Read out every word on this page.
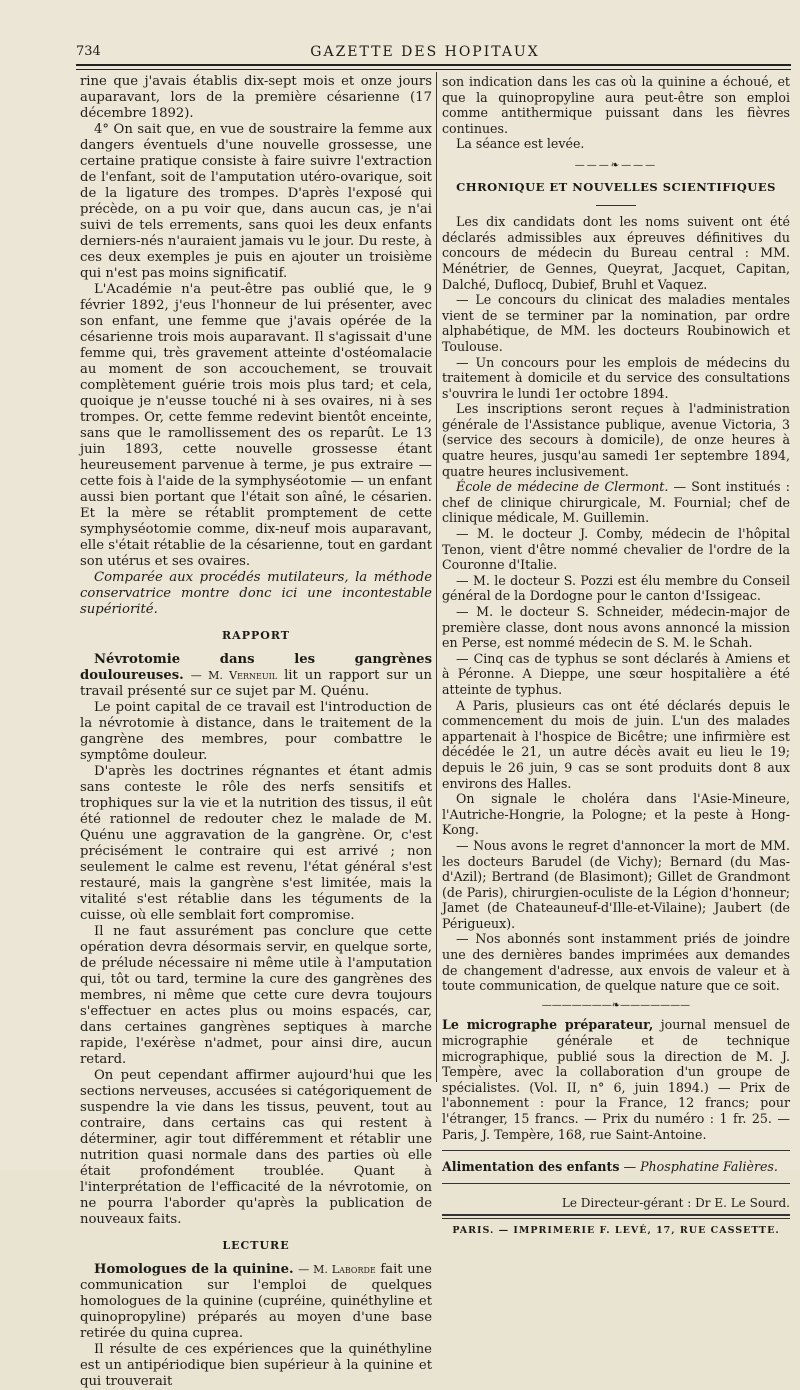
734	GAZETTE DES HOPITAUX

rine que j'avais établis dix-sept mois et onze jours auparavant, lors de la première césarienne (17 décembre 1892).

4° On sait que, en vue de soustraire la femme aux dangers éventuels d'une nouvelle grossesse, une certaine pratique consiste à faire suivre l'extraction de l'enfant, soit de l'amputation utéro-ovarique, soit de la ligature des trompes. D'après l'exposé qui précède, on a pu voir que, dans aucun cas, je n'ai suivi de tels errements, sans quoi les deux enfants derniers-nés n'auraient jamais vu le jour. Du reste, à ces deux exemples je puis en ajouter un troisième qui n'est pas moins significatif.

L'Académie n'a peut-être pas oublié que, le 9 février 1892, j'eus l'honneur de lui présenter, avec son enfant, une femme que j'avais opérée de la césarienne trois mois auparavant. Il s'agissait d'une femme qui, très gravement atteinte d'ostéomalacie au moment de son accouchement, se trouvait complètement guérie trois mois plus tard; et cela, quoique je n'eusse touché ni à ses ovaires, ni à ses trompes. Or, cette femme redevint bientôt enceinte, sans que le ramollissement des os reparût. Le 13 juin 1893, cette nouvelle grossesse étant heureusement parvenue à terme, je pus extraire — cette fois à l'aide de la symphyséotomie — un enfant aussi bien portant que l'était son aîné, le césarien. Et la mère se rétablit promptement de cette symphyséotomie comme, dix-neuf mois auparavant, elle s'était rétablie de la césarienne, tout en gardant son utérus et ses ovaires.

Comparée aux procédés mutilateurs, la méthode conservatrice montre donc ici une incontestable supériorité.

RAPPORT

Névrotomie dans les gangrènes douloureuses. — M. Verneuil lit un rapport sur un travail présenté sur ce sujet par M. Quénu.

Le point capital de ce travail est l'introduction de la névrotomie à distance, dans le traitement de la gangrène des membres, pour combattre le symptôme douleur.

D'après les doctrines régnantes et étant admis sans conteste le rôle des nerfs sensitifs et trophiques sur la vie et la nutrition des tissus, il eût été rationnel de redouter chez le malade de M. Quénu une aggravation de la gangrène. Or, c'est précisément le contraire qui est arrivé ; non seulement le calme est revenu, l'état général s'est restauré, mais la gangrène s'est limitée, mais la vitalité s'est rétablie dans les téguments de la cuisse, où elle semblait fort compromise.

Il ne faut assurément pas conclure que cette opération devra désormais servir, en quelque sorte, de prélude nécessaire ni même utile à l'amputation qui, tôt ou tard, termine la cure des gangrènes des membres, ni même que cette cure devra toujours s'effectuer en actes plus ou moins espacés, car, dans certaines gangrènes septiques à marche rapide, l'exérèse n'admet, pour ainsi dire, aucun retard.

On peut cependant affirmer aujourd'hui que les sections nerveuses, accusées si catégoriquement de suspendre la vie dans les tissus, peuvent, tout au contraire, dans certains cas qui restent à déterminer, agir tout différemment et rétablir une nutrition quasi normale dans des parties où elle était profondément troublée. Quant à l'interprétation de l'efficacité de la névrotomie, on ne pourra l'aborder qu'après la publication de nouveaux faits.

LECTURE

Homologues de la quinine. — M. Laborde fait une communication sur l'emploi de quelques homologues de la quinine (cupréine, quinéthyline et quinopropyline) préparés au moyen d'une base retirée du quina cuprea.

Il résulte de ces expériences que la quinéthyline est un antipériodique bien supérieur à la quinine et qui trouverait

son indication dans les cas où la quinine a échoué, et que la quinopropyline aura peut-être son emploi comme antithermique puissant dans les fièvres continues.

La séance est levée.

———❧———
CHRONIQUE ET NOUVELLES SCIENTIFIQUES

Les dix candidats dont les noms suivent ont été déclarés admissibles aux épreuves définitives du concours de médecin du Bureau central : MM. Ménétrier, de Gennes, Queyrat, Jacquet, Capitan, Dalché, Duflocq, Dubief, Bruhl et Vaquez.

— Le concours du clinicat des maladies mentales vient de se terminer par la nomination, par ordre alphabétique, de MM. les docteurs Roubinowich et Toulouse.

— Un concours pour les emplois de médecins du traitement à domicile et du service des consultations s'ouvrira le lundi 1er octobre 1894.

Les inscriptions seront reçues à l'administration générale de l'Assistance publique, avenue Victoria, 3 (service des secours à domicile), de onze heures à quatre heures, jusqu'au samedi 1er septembre 1894, quatre heures inclusivement.

École de médecine de Clermont. — Sont institués : chef de clinique chirurgicale, M. Fournial; chef de clinique médicale, M. Guillemin.

— M. le docteur J. Comby, médecin de l'hôpital Tenon, vient d'être nommé chevalier de l'ordre de la Couronne d'Italie.

— M. le docteur S. Pozzi est élu membre du Conseil général de la Dordogne pour le canton d'Issigeac.

— M. le docteur S. Schneider, médecin-major de première classe, dont nous avons annoncé la mission en Perse, est nommé médecin de S. M. le Schah.

— Cinq cas de typhus se sont déclarés à Amiens et à Péronne. A Dieppe, une sœur hospitalière a été atteinte de typhus.

A Paris, plusieurs cas ont été déclarés depuis le commencement du mois de juin. L'un des malades appartenait à l'hospice de Bicêtre; une infirmière est décédée le 21, un autre décès avait eu lieu le 19; depuis le 26 juin, 9 cas se sont produits dont 8 aux environs des Halles.

On signale le choléra dans l'Asie-Mineure, l'Autriche-Hongrie, la Pologne; et la peste à Hong-Kong.

— Nous avons le regret d'annoncer la mort de MM. les docteurs Barudel (de Vichy); Bernard (du Mas-d'Azil); Bertrand (de Blasimont); Gillet de Grandmont (de Paris), chirurgien-oculiste de la Légion d'honneur; Jamet (de Chateauneuf-d'Ille-et-Vilaine); Jaubert (de Périgueux).

— Nos abonnés sont instamment priés de joindre une des dernières bandes imprimées aux demandes de changement d'adresse, aux envois de valeur et à toute communication, de quelque nature que ce soit.

———————❧———————

Le micrographe préparateur, journal mensuel de micrographie générale et de technique micrographique, publié sous la direction de M. J. Tempère, avec la collaboration d'un groupe de spécialistes. (Vol. II, n° 6, juin 1894.) — Prix de l'abonnement : pour la France, 12 francs; pour l'étranger, 15 francs. — Prix du numéro : 1 fr. 25. — Paris, J. Tempère, 168, rue Saint-Antoine.

Alimentation des enfants — Phosphatine Falières.

Le Directeur-gérant : Dr E. Le Sourd.
PARIS. — IMPRIMERIE F. LEVÉ, 17, RUE CASSETTE.
